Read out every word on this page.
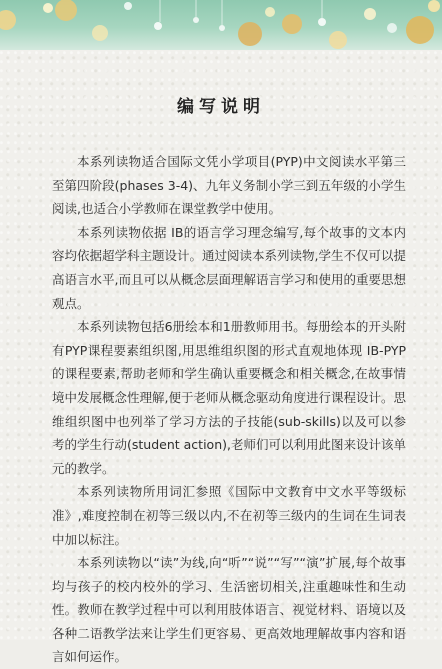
编写说明

本系列读物适合国际文凭小学项目(PYP)中文阅读水平第三至第四阶段(phases 3-4)、九年义务制小学三到五年级的小学生阅读,也适合小学教师在课堂教学中使用。

本系列读物依据 IB的语言学习理念编写,每个故事的文本内容均依据超学科主题设计。通过阅读本系列读物,学生不仅可以提高语言水平,而且可以从概念层面理解语言学习和使用的重要思想观点。

本系列读物包括6册绘本和1册教师用书。每册绘本的开头附有PYP课程要素组织图,用思维组织图的形式直观地体现 IB-PYP 的课程要素,帮助老师和学生确认重要概念和相关概念,在故事情境中发展概念性理解,便于老师从概念驱动角度进行课程设计。思维组织图中也列举了学习方法的子技能(sub-skills)以及可以参考的学生行动(student action),老师们可以利用此图来设计该单元的教学。

本系列读物所用词汇参照《国际中文教育中文水平等级标准》,难度控制在初等三级以内,不在初等三级内的生词在生词表中加以标注。

本系列读物以“读”为线,向“听”“说”“写”“演”扩展,每个故事均与孩子的校内校外的学习、生活密切相关,注重趣味性和生动性。教师在教学过程中可以利用肢体语言、视觉材料、语境以及各种二语教学法来让学生们更容易、更高效地理解故事内容和语言如何运作。
